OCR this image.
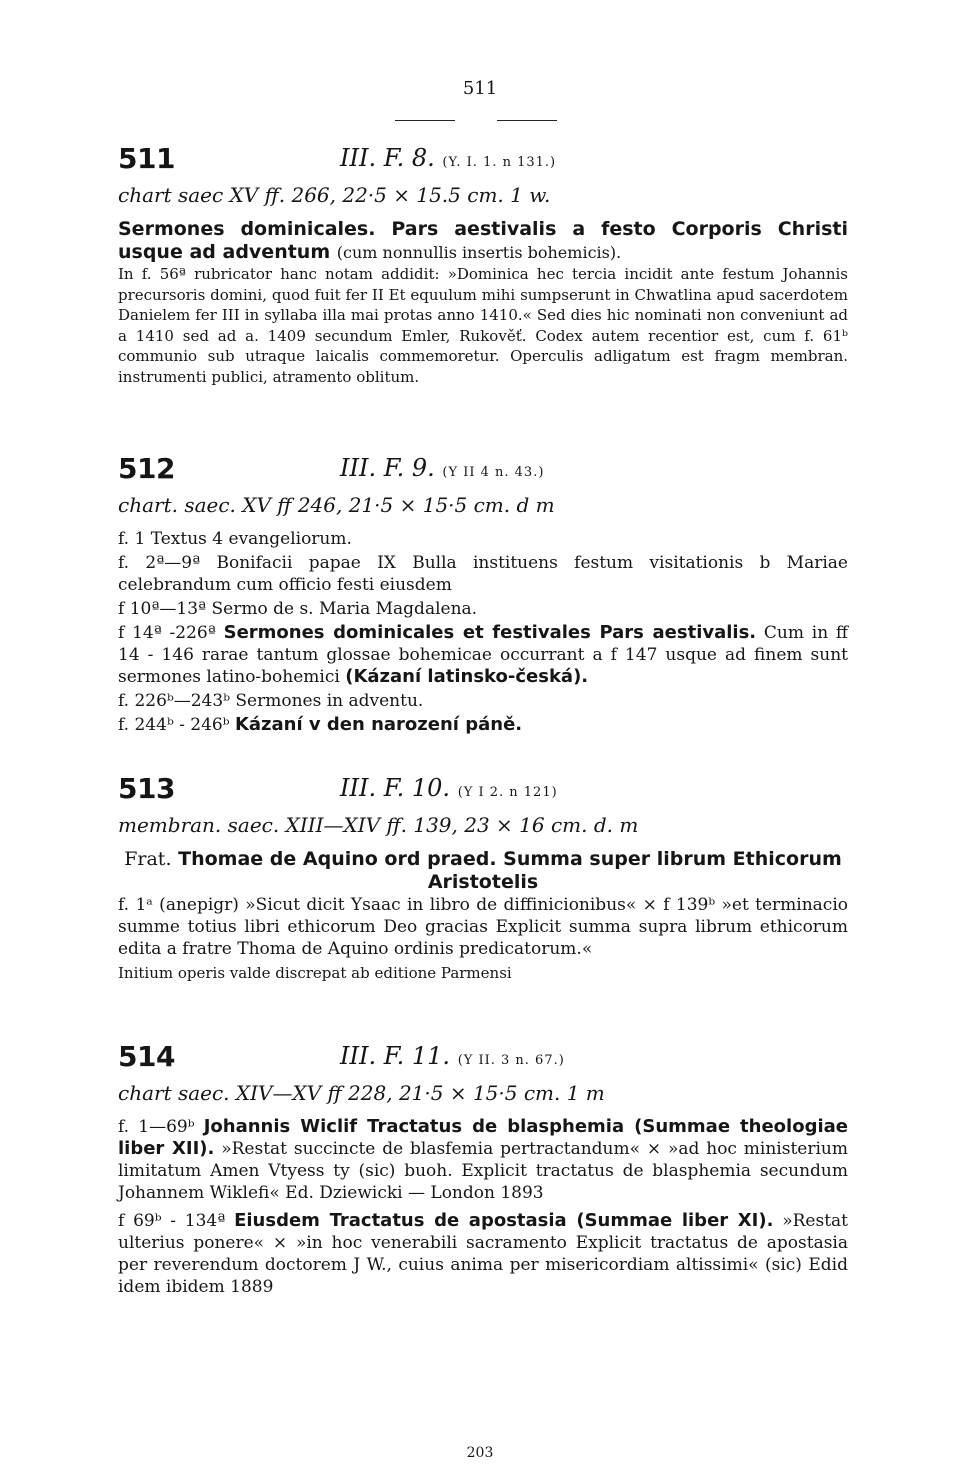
511
511	III. F. 8. (Y. I. 1. n 131.)

chart saec XV ff. 266, 22·5 × 15.5 cm. 1 w.

Sermones dominicales. Pars aestivalis a festo Corporis Christi usque ad adventum (cum nonnullis insertis bohemicis).

In f. 56ª rubricator hanc notam addidit: »Dominica hec tercia incidit ante festum Johannis precursoris domini, quod fuit fer II Et equulum mihi sumpserunt in Chwatlina apud sacerdotem Danielem fer III in syllaba illa mai protas anno 1410.« Sed dies hic nominati non conveniunt ad a 1410 sed ad a. 1409 secundum Emler, Rukověť. Codex autem recentior est, cum f. 61ᵇ communio sub utraque laicalis commemoretur. Operculis adligatum est fragm membran. instrumenti publici, atramento oblitum.

512	III. F. 9. (Y II 4 n. 43.)

chart. saec. XV ff 246, 21·5 × 15·5 cm. d m

f. 1 Textus 4 evangeliorum.

f. 2ª—9ª Bonifacii papae IX Bulla instituens festum visitationis b Mariae celebrandum cum officio festi eiusdem

f 10ª—13ª Sermo de s. Maria Magdalena.

f 14ª -226ª Sermones dominicales et festivales Pars aestivalis. Cum in ff 14 - 146 rarae tantum glossae bohemicae occurrant a f 147 usque ad finem sunt sermones latino-bohemici (Kázaní latinsko-česká).

f. 226ᵇ—243ᵇ Sermones in adventu.

f. 244ᵇ - 246ᵇ Kázaní v den narození páně.

513	III. F. 10. (Y I 2. n 121)

membran. saec. XIII—XIV ff. 139, 23 × 16 cm. d. m

Frat. Thomae de Aquino ord praed. Summa super librum Ethicorum Aristotelis

f. 1ᵃ (anepigr) »Sicut dicit Ysaac in libro de diffinicionibus« × f 139ᵇ »et terminacio summe totius libri ethicorum Deo gracias Explicit summa supra librum ethicorum edita a fratre Thoma de Aquino ordinis predicatorum.«

Initium operis valde discrepat ab editione Parmensi

514	III. F. 11. (Y II. 3 n. 67.)

chart saec. XIV—XV ff 228, 21·5 × 15·5 cm. 1 m

f. 1—69ᵇ Johannis Wiclif Tractatus de blasphemia (Summae theologiae liber XII). »Restat succincte de blasfemia pertractandum« × »ad hoc ministerium limitatum Amen Vtyess ty (sic) buoh. Explicit tractatus de blasphemia secundum Johannem Wiklefi« Ed. Dziewicki — London 1893

f 69ᵇ - 134ª Eiusdem Tractatus de apostasia (Summae liber XI). »Restat ulterius ponere« × »in hoc venerabili sacramento Explicit tractatus de apostasia per reverendum doctorem J W., cuius anima per misericordiam altissimi« (sic) Edid idem ibidem 1889

203
